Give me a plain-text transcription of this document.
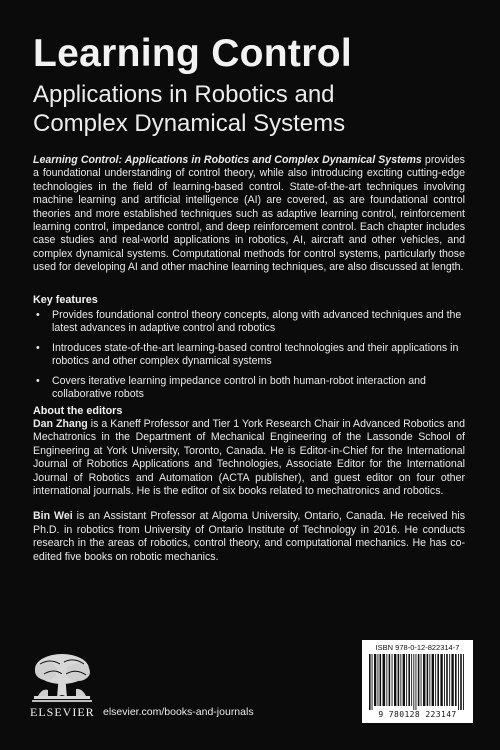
Learning Control
Applications in Robotics and
Complex Dynamical Systems
Learning Control: Applications in Robotics and Complex Dynamical Systems provides a foundational understanding of control theory, while also introducing exciting cutting-edge technologies in the field of learning-based control. State-of-the-art techniques involving machine learning and artificial intelligence (AI) are covered, as are foundational control theories and more established techniques such as adaptive learning control, reinforcement learning control, impedance control, and deep reinforcement control. Each chapter includes case studies and real-world applications in robotics, AI, aircraft and other vehicles, and complex dynamical systems. Computational methods for control systems, particularly those used for developing AI and other machine learning techniques, are also discussed at length.

Key features

• Provides foundational control theory concepts, along with advanced techniques and the latest advances in adaptive control and robotics
• Introduces state-of-the-art learning-based control technologies and their applications in robotics and other complex dynamical systems
• Covers iterative learning impedance control in both human-robot interaction and collaborative robots

About the editors

Dan Zhang is a Kaneff Professor and Tier 1 York Research Chair in Advanced Robotics and Mechatronics in the Department of Mechanical Engineering of the Lassonde School of Engineering at York University, Toronto, Canada. He is Editor-in-Chief for the International Journal of Robotics Applications and Technologies, Associate Editor for the International Journal of Robotics and Automation (ACTA publisher), and guest editor on four other international journals. He is the editor of six books related to mechatronics and robotics.

Bin Wei is an Assistant Professor at Algoma University, Ontario, Canada. He received his Ph.D. in robotics from University of Ontario Institute of Technology in 2016. He conducts research in the areas of robotics, control theory, and computational mechanics. He has co-edited five books on robotic mechanics.

ELSEVIER elsevier.com/books-and-journals
ISBN 978-0-12-822314-7
9 780128 223147
